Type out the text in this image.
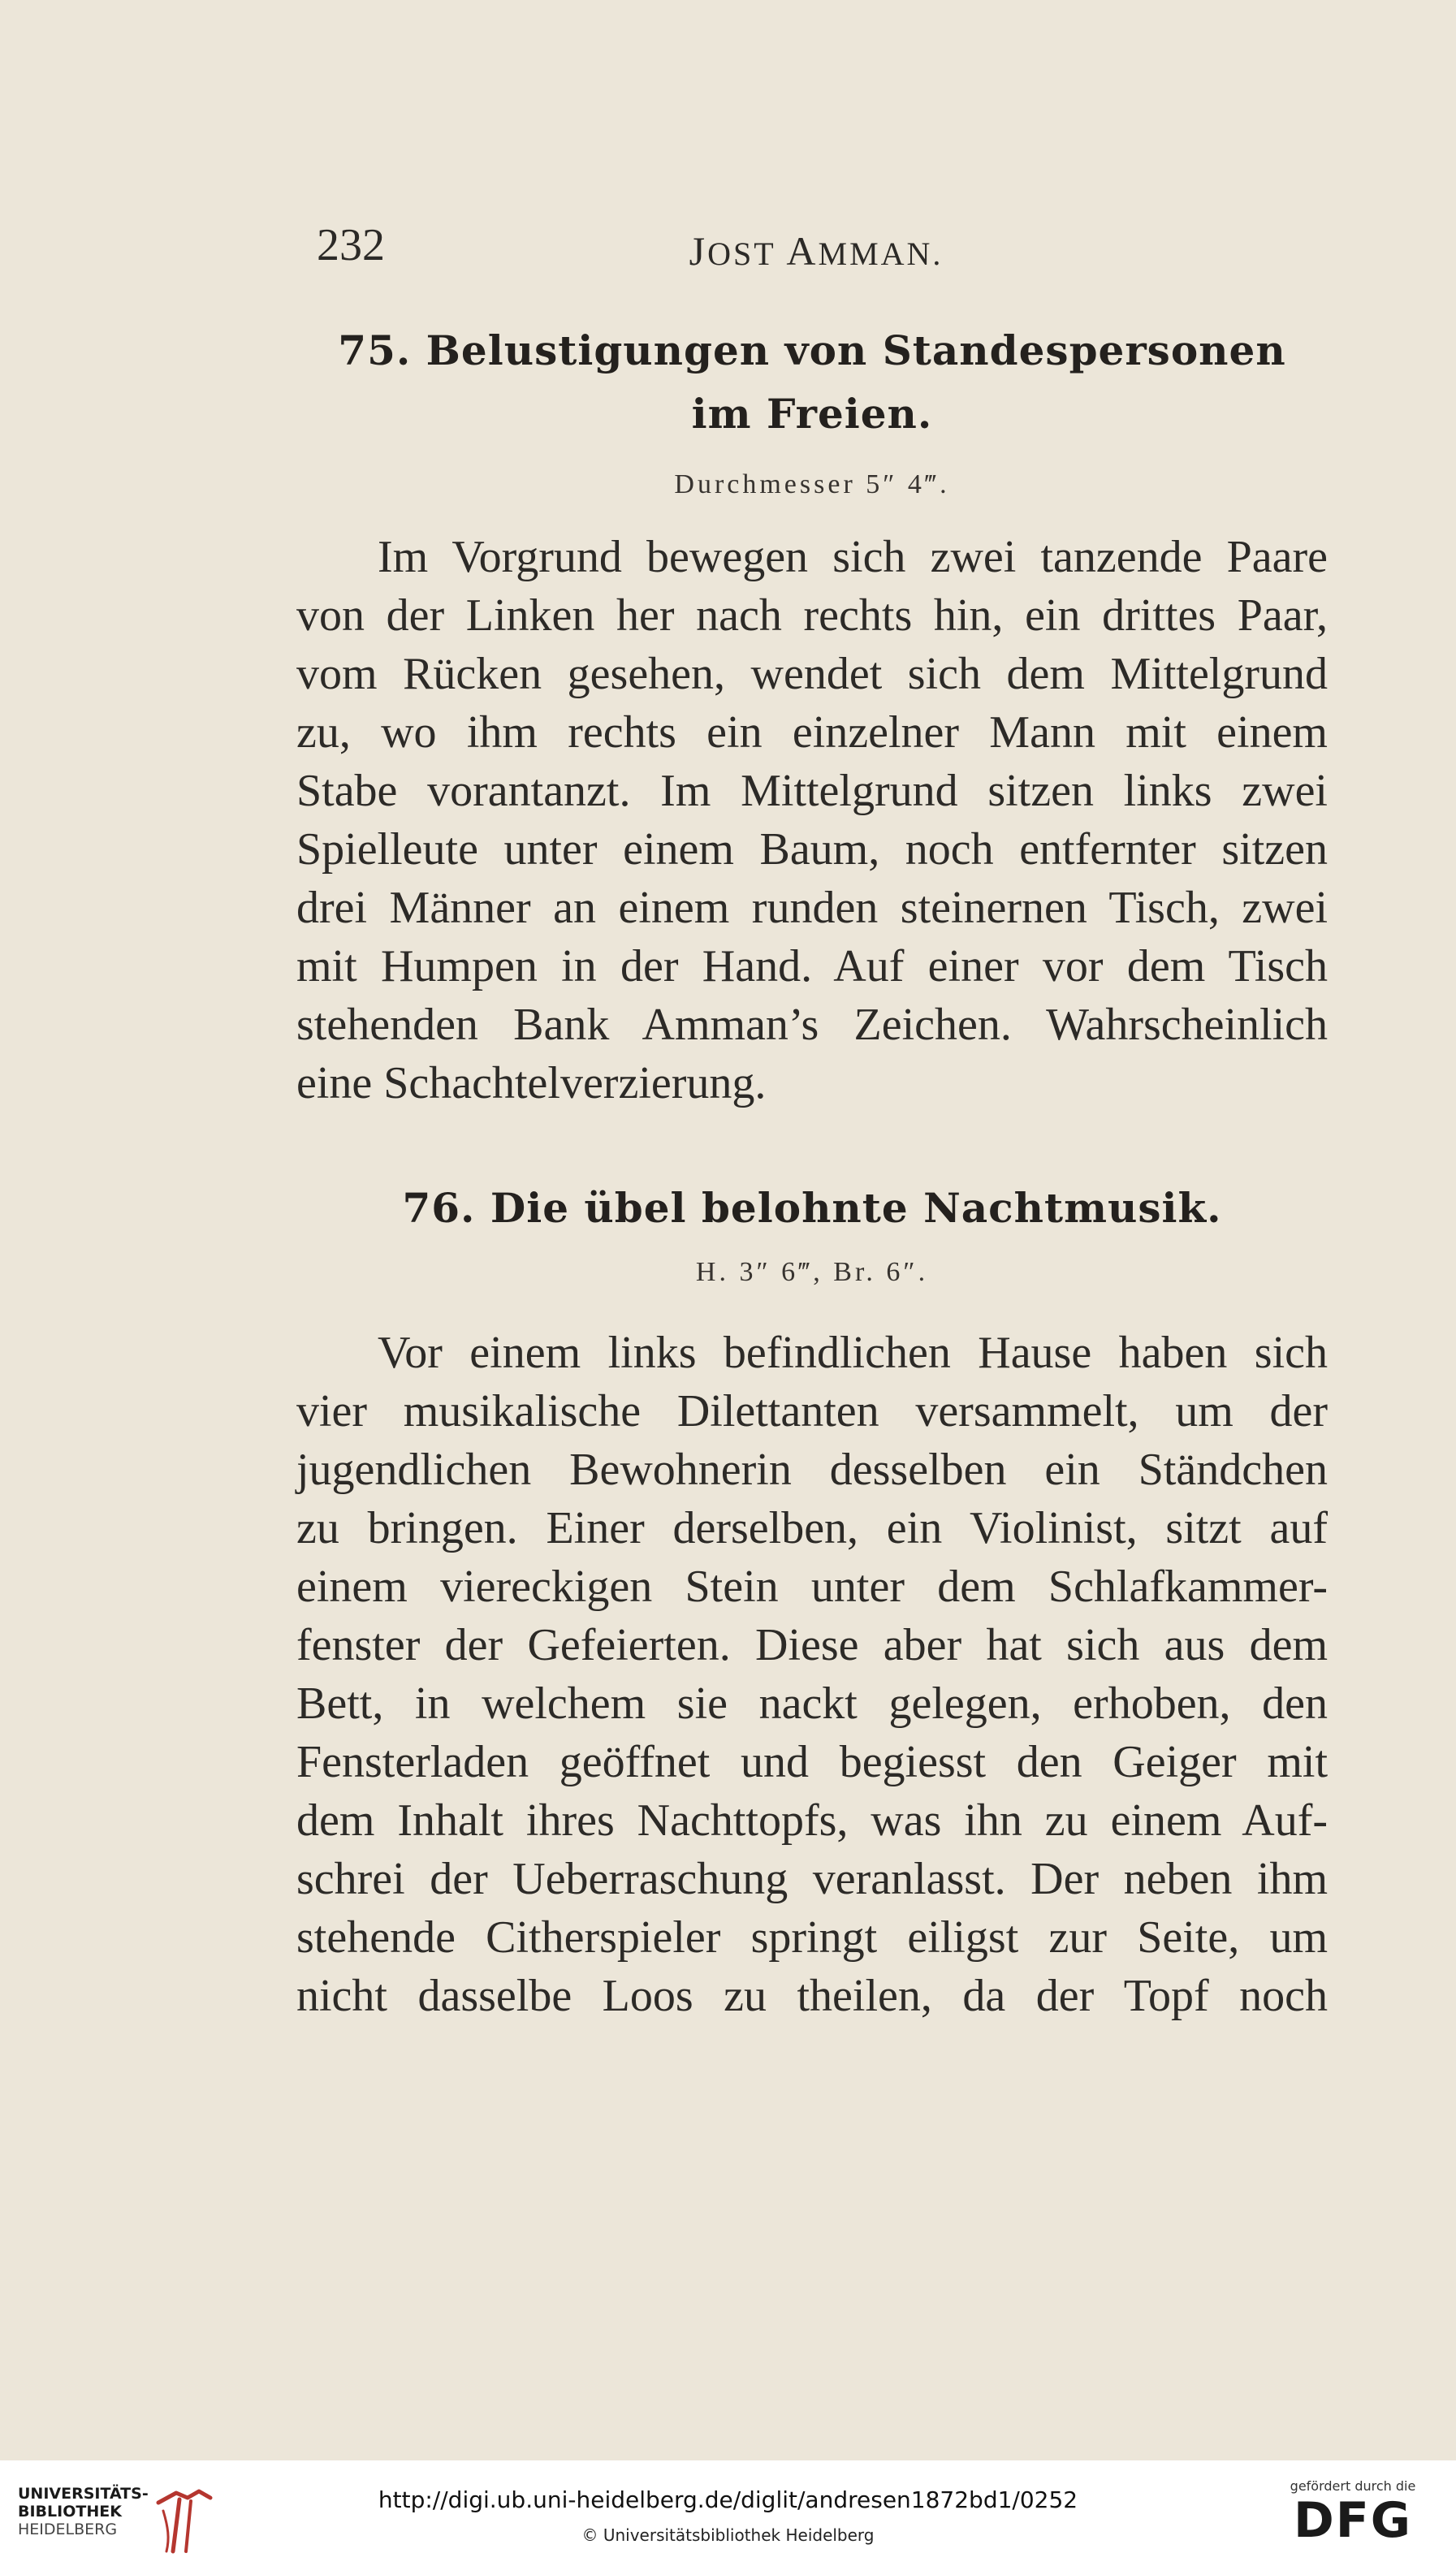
232	JOST AMMAN.
75. Belustigungen von Standespersonen
im Freien.
Durchmesser 5″ 4‴.
Im Vorgrund bewegen sich zwei tanzende Paare
von der Linken her nach rechts hin, ein drittes Paar,
vom Rücken gesehen, wendet sich dem Mittelgrund
zu, wo ihm rechts ein einzelner Mann mit einem
Stabe vorantanzt. Im Mittelgrund sitzen links zwei
Spielleute unter einem Baum, noch entfernter sitzen
drei Männer an einem runden steinernen Tisch, zwei
mit Humpen in der Hand. Auf einer vor dem Tisch
stehenden Bank Amman’s Zeichen. Wahrscheinlich
eine Schachtelverzierung.
76. Die übel belohnte Nachtmusik.
H. 3″ 6‴, Br. 6″.
Vor einem links befindlichen Hause haben sich
vier musikalische Dilettanten versammelt, um der
jugendlichen Bewohnerin desselben ein Ständchen
zu bringen. Einer derselben, ein Violinist, sitzt auf
einem viereckigen Stein unter dem Schlafkammer-
fenster der Gefeierten. Diese aber hat sich aus dem
Bett, in welchem sie nackt gelegen, erhoben, den
Fensterladen geöffnet und begiesst den Geiger mit
dem Inhalt ihres Nachttopfs, was ihn zu einem Auf-
schrei der Ueberraschung veranlasst. Der neben ihm
stehende Citherspieler springt eiligst zur Seite, um
nicht dasselbe Loos zu theilen, da der Topf noch
UNIVERSITÄTS-
BIBLIOTHEK
HEIDELBERG
http://digi.ub.uni-heidelberg.de/diglit/andresen1872bd1/0252
© Universitätsbibliothek Heidelberg
gefördert durch die
DFG
